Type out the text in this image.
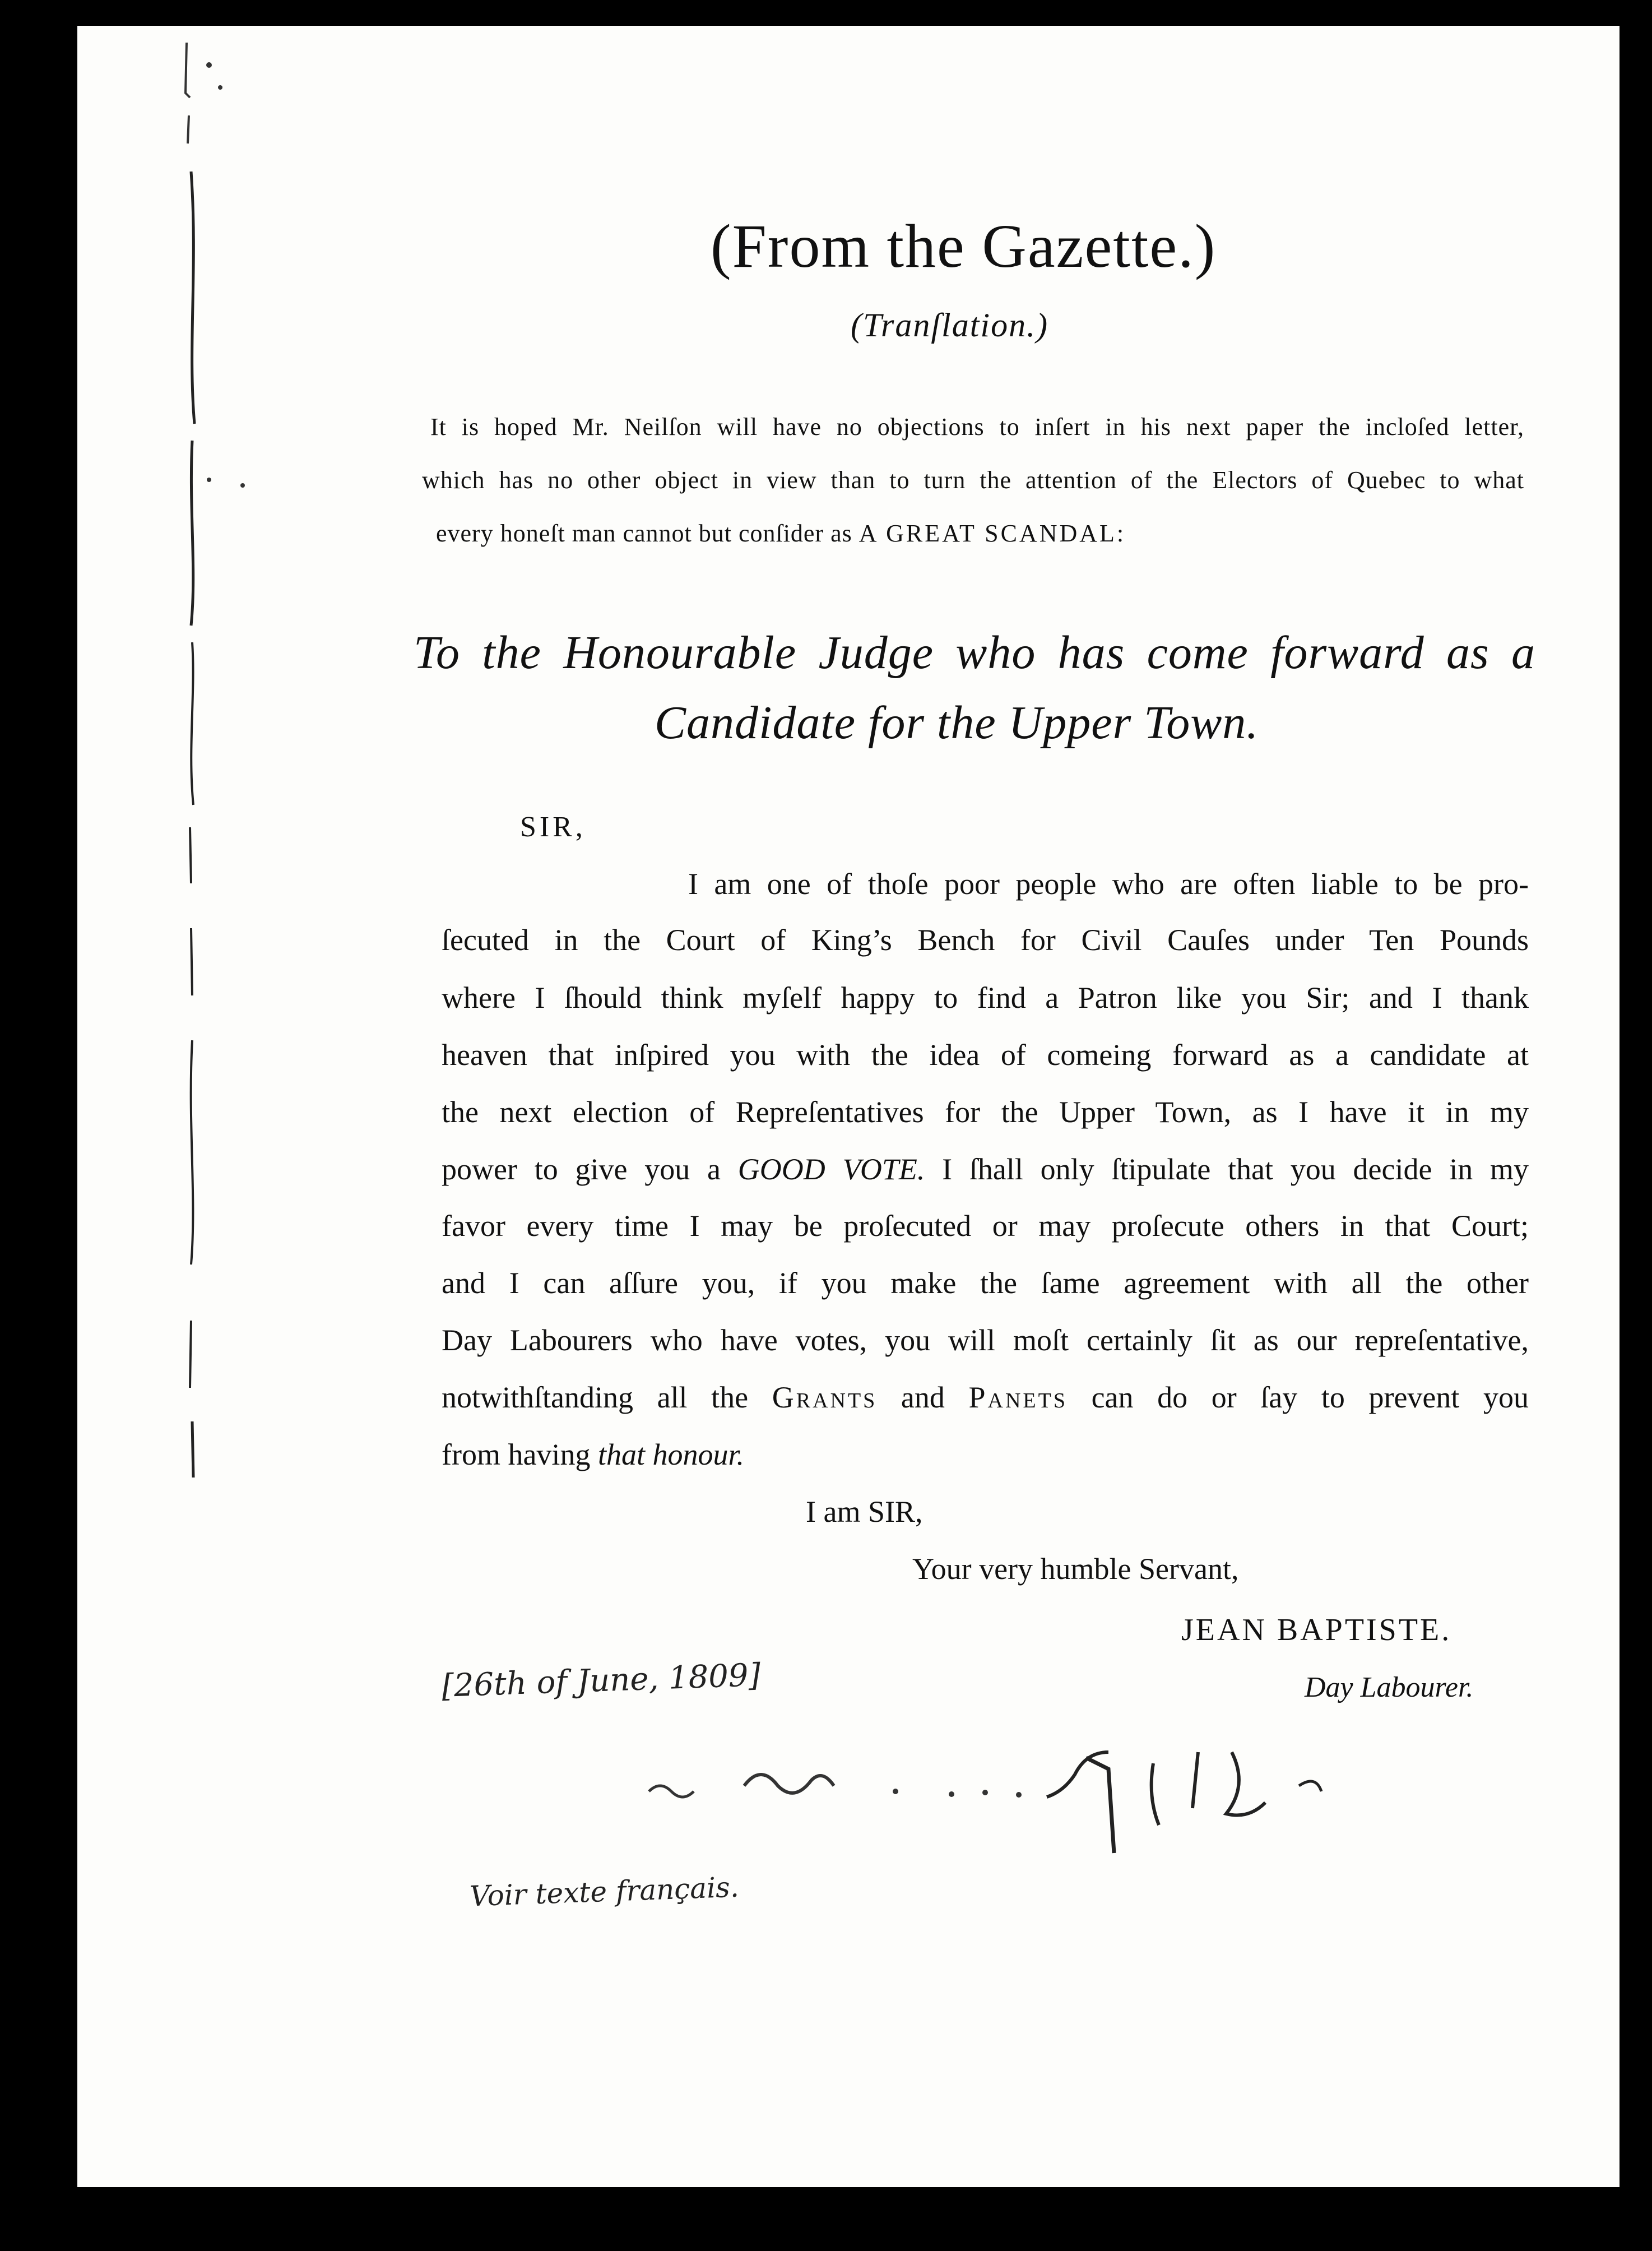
(From the Gazette.)
(Tranſlation.)
It is hoped Mr. Neilſon will have no objections to inſert in his next paper the incloſed letter,
which has no other object in view than to turn the attention of the Electors of Quebec to what
every honeſt man cannot but conſider as A GREAT SCANDAL:
To the Honourable Judge who has come forward as a
Candidate for the Upper Town.
SIR,
I am one of thoſe poor people who are often liable to be pro-
ſecuted in the Court of King’s Bench for Civil Cauſes under Ten Pounds
where I ſhould think myſelf happy to find a Patron like you Sir; and I thank
heaven that inſpired you with the idea of comeing forward as a candidate at
the next election of Repreſentatives for the Upper Town, as I have it in my
power to give you a GOOD VOTE. I ſhall only ſtipulate that you decide in my
favor every time I may be proſecuted or may proſecute others in that Court;
and I can aſſure you, if you make the ſame agreement with all the other
Day Labourers who have votes, you will moſt certainly ſit as our repreſentative,
notwithſtanding all the Grants and Panets can do or ſay to prevent you
from having that honour.
I am SIR,
Your very humble Servant,
JEAN BAPTISTE.
Day Labourer.
[26th of June, 1809]
Voir texte français.
